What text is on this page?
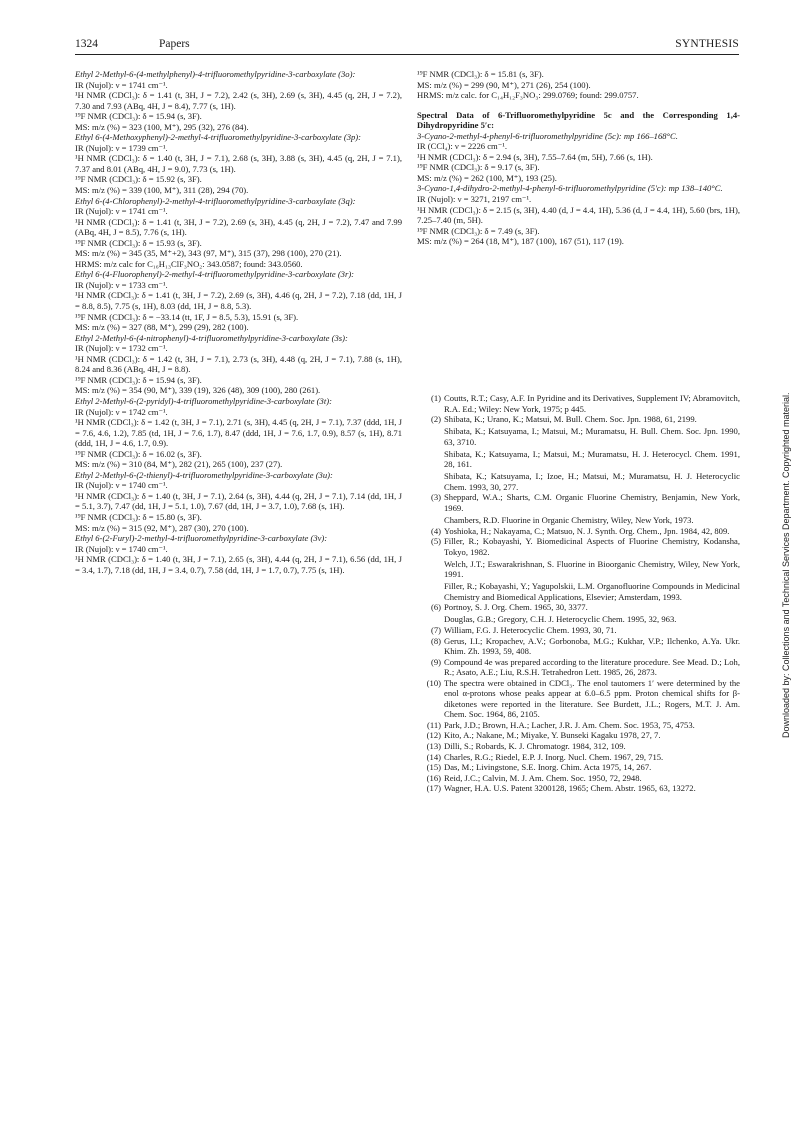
1324	Papers	SYNTHESIS

Ethyl 2-Methyl-6-(4-methylphenyl)-4-trifluoromethylpyridine-3-carboxylate (3o):

IR (Nujol): ν = 1741 cm⁻¹.

¹H NMR (CDCl₃): δ = 1.41 (t, 3H, J = 7.2), 2.42 (s, 3H), 2.69 (s, 3H), 4.45 (q, 2H, J = 7.2), 7.30 and 7.93 (ABq, 4H, J = 8.4), 7.77 (s, 1H).

¹⁹F NMR (CDCl₃): δ = 15.94 (s, 3F).

MS: m/z (%) = 323 (100, M⁺), 295 (32), 276 (84).

Ethyl 6-(4-Methoxyphenyl)-2-methyl-4-trifluoromethylpyridine-3-carboxylate (3p):

IR (Nujol): ν = 1739 cm⁻¹.

¹H NMR (CDCl₃): δ = 1.40 (t, 3H, J = 7.1), 2.68 (s, 3H), 3.88 (s, 3H), 4.45 (q, 2H, J = 7.1), 7.37 and 8.01 (ABq, 4H, J = 9.0), 7.73 (s, 1H).

¹⁹F NMR (CDCl₃): δ = 15.92 (s, 3F).

MS: m/z (%) = 339 (100, M⁺), 311 (28), 294 (70).

Ethyl 6-(4-Chlorophenyl)-2-methyl-4-trifluoromethylpyridine-3-carboxylate (3q):

IR (Nujol): ν = 1741 cm⁻¹.

¹H NMR (CDCl₃): δ = 1.41 (t, 3H, J = 7.2), 2.69 (s, 3H), 4.45 (q, 2H, J = 7.2), 7.47 and 7.99 (ABq, 4H, J = 8.5), 7.76 (s, 1H).

¹⁹F NMR (CDCl₃): δ = 15.93 (s, 3F).

MS: m/z (%) = 345 (35, M⁺+2), 343 (97, M⁺), 315 (37), 298 (100), 270 (21).

HRMS: m/z calc for C₁₆H₁₃ClF₃NO₂: 343.0587; found: 343.0560.

Ethyl 6-(4-Fluorophenyl)-2-methyl-4-trifluoromethylpyridine-3-carboxylate (3r):

IR (Nujol): ν = 1733 cm⁻¹.

¹H NMR (CDCl₃): δ = 1.41 (t, 3H, J = 7.2), 2.69 (s, 3H), 4.46 (q, 2H, J = 7.2), 7.18 (dd, 1H, J = 8.8, 8.5), 7.75 (s, 1H), 8.03 (dd, 1H, J = 8.8, 5.3).

¹⁹F NMR (CDCl₃): δ = −33.14 (tt, 1F, J = 8.5, 5.3), 15.91 (s, 3F).

MS: m/z (%) = 327 (88, M⁺), 299 (29), 282 (100).

Ethyl 2-Methyl-6-(4-nitrophenyl)-4-trifluoromethylpyridine-3-carboxylate (3s):

IR (Nujol): ν = 1732 cm⁻¹.

¹H NMR (CDCl₃): δ = 1.42 (t, 3H, J = 7.1), 2.73 (s, 3H), 4.48 (q, 2H, J = 7.1), 7.88 (s, 1H), 8.24 and 8.36 (ABq, 4H, J = 8.8).

¹⁹F NMR (CDCl₃): δ = 15.94 (s, 3F).

MS: m/z (%) = 354 (90, M⁺), 339 (19), 326 (48), 309 (100), 280 (261).

Ethyl 2-Methyl-6-(2-pyridyl)-4-trifluoromethylpyridine-3-carboxylate (3t):

IR (Nujol): ν = 1742 cm⁻¹.

¹H NMR (CDCl₃): δ = 1.42 (t, 3H, J = 7.1), 2.71 (s, 3H), 4.45 (q, 2H, J = 7.1), 7.37 (ddd, 1H, J = 7.6, 4.6, 1.2), 7.85 (td, 1H, J = 7.6, 1.7), 8.47 (ddd, 1H, J = 7.6, 1.7, 0.9), 8.57 (s, 1H), 8.71 (ddd, 1H, J = 4.6, 1.7, 0.9).

¹⁹F NMR (CDCl₃): δ = 16.02 (s, 3F).

MS: m/z (%) = 310 (84, M⁺), 282 (21), 265 (100), 237 (27).

Ethyl 2-Methyl-6-(2-thienyl)-4-trifluoromethylpyridine-3-carboxylate (3u):

IR (Nujol): ν = 1740 cm⁻¹.

¹H NMR (CDCl₃): δ = 1.40 (t, 3H, J = 7.1), 2.64 (s, 3H), 4.44 (q, 2H, J = 7.1), 7.14 (dd, 1H, J = 5.1, 3.7), 7.47 (dd, 1H, J = 5.1, 1.0), 7.67 (dd, 1H, J = 3.7, 1.0), 7.68 (s, 1H).

¹⁹F NMR (CDCl₃): δ = 15.80 (s, 3F).

MS: m/z (%) = 315 (92, M⁺), 287 (30), 270 (100).

Ethyl 6-(2-Furyl)-2-methyl-4-trifluoromethylpyridine-3-carboxylate (3v):

IR (Nujol): ν = 1740 cm⁻¹.

¹H NMR (CDCl₃): δ = 1.40 (t, 3H, J = 7.1), 2.65 (s, 3H), 4.44 (q, 2H, J = 7.1), 6.56 (dd, 1H, J = 3.4, 1.7), 7.18 (dd, 1H, J = 3.4, 0.7), 7.58 (dd, 1H, J = 1.7, 0.7), 7.75 (s, 1H).

¹⁹F NMR (CDCl₃): δ = 15.81 (s, 3F).

MS: m/z (%) = 299 (90, M⁺), 271 (26), 254 (100).

HRMS: m/z calc. for C₁₄H₁₂F₃NO₃: 299.0769; found: 299.0757.

Spectral Data of 6-Trifluoromethylpyridine 5c and the Corresponding 1,4-Dihydropyridine 5′c:

3-Cyano-2-methyl-4-phenyl-6-trifluoromethylpyridine (5c): mp 166–168°C.

IR (CCl₄): ν = 2226 cm⁻¹.

¹H NMR (CDCl₃): δ = 2.94 (s, 3H), 7.55–7.64 (m, 5H), 7.66 (s, 1H).

¹⁹F NMR (CDCl₃): δ = 9.17 (s, 3F).

MS: m/z (%) = 262 (100, M⁺), 193 (25).

3-Cyano-1,4-dihydro-2-methyl-4-phenyl-6-trifluoromethylpyridine (5′c): mp 138–140°C.

IR (Nujol): ν = 3271, 2197 cm⁻¹.

¹H NMR (CDCl₃): δ = 2.15 (s, 3H), 4.40 (d, J = 4.4, 1H), 5.36 (d, J = 4.4, 1H), 5.60 (brs, 1H), 7.25–7.40 (m, 5H).

¹⁹F NMR (CDCl₃): δ = 7.49 (s, 3F).

MS: m/z (%) = 264 (18, M⁺), 187 (100), 167 (51), 117 (19).

(1) Coutts, R.T.; Casy, A.F. In Pyridine and its Derivatives, Supplement IV; Abramovitch, R.A. Ed.; Wiley: New York, 1975; p 445.
(2) Shibata, K.; Urano, K.; Matsui, M. Bull. Chem. Soc. Jpn. 1988, 61, 2199.
Shibata, K.; Katsuyama, I.; Matsui, M.; Muramatsu, H. Bull. Chem. Soc. Jpn. 1990, 63, 3710.
Shibata, K.; Katsuyama, I.; Matsui, M.; Muramatsu, H. J. Heterocycl. Chem. 1991, 28, 161.
Shibata, K.; Katsuyama, I.; Izoe, H.; Matsui, M.; Muramatsu, H. J. Heterocyclic Chem. 1993, 30, 277.
(3) Sheppard, W.A.; Sharts, C.M. Organic Fluorine Chemistry, Benjamin, New York, 1969.
Chambers, R.D. Fluorine in Organic Chemistry, Wiley, New York, 1973.
(4) Yoshioka, H.; Nakayama, C.; Matsuo, N. J. Synth. Org. Chem., Jpn. 1984, 42, 809.
(5) Filler, R.; Kobayashi, Y. Biomedicinal Aspects of Fluorine Chemistry, Kodansha, Tokyo, 1982.
Welch, J.T.; Eswarakrishnan, S. Fluorine in Bioorganic Chemistry, Wiley, New York, 1991.
Filler, R.; Kobayashi, Y.; Yagupolskii, L.M. Organofluorine Compounds in Medicinal Chemistry and Biomedical Applications, Elsevier; Amsterdam, 1993.
(6) Portnoy, S. J. Org. Chem. 1965, 30, 3377.
Douglas, G.B.; Gregory, C.H. J. Heterocyclic Chem. 1995, 32, 963.
(7) William, F.G. J. Heterocyclic Chem. 1993, 30, 71.
(8) Gerus, I.I.; Kropachev, A.V.; Gorbonoba, M.G.; Kukhar, V.P.; Ilchenko, A.Ya. Ukr. Khim. Zh. 1993, 59, 408.
(9) Compound 4e was prepared according to the literature procedure. See Mead. D.; Loh, R.; Asato, A.E.; Liu, R.S.H. Tetrahedron Lett. 1985, 26, 2873.
(10) The spectra were obtained in CDCl₃. The enol tautomers 1′ were determined by the enol α-protons whose peaks appear at 6.0–6.5 ppm. Proton chemical shifts for β-diketones were reported in the literature. See Burdett, J.L.; Rogers, M.T. J. Am. Chem. Soc. 1964, 86, 2105.
(11) Park, J.D.; Brown, H.A.; Lacher, J.R. J. Am. Chem. Soc. 1953, 75, 4753.
(12) Kito, A.; Nakane, M.; Miyake, Y. Bunseki Kagaku 1978, 27, 7.
(13) Dilli, S.; Robards, K. J. Chromatogr. 1984, 312, 109.
(14) Charles, R.G.; Riedel, E.P. J. Inorg. Nucl. Chem. 1967, 29, 715.
(15) Das, M.; Livingstone, S.E. Inorg. Chim. Acta 1975, 14, 267.
(16) Reid, J.C.; Calvin, M. J. Am. Chem. Soc. 1950, 72, 2948.
(17) Wagner, H.A. U.S. Patent 3200128, 1965; Chem. Abstr. 1965, 63, 13272.
Downloaded by: Collections and Technical Services Department. Copyrighted material.
